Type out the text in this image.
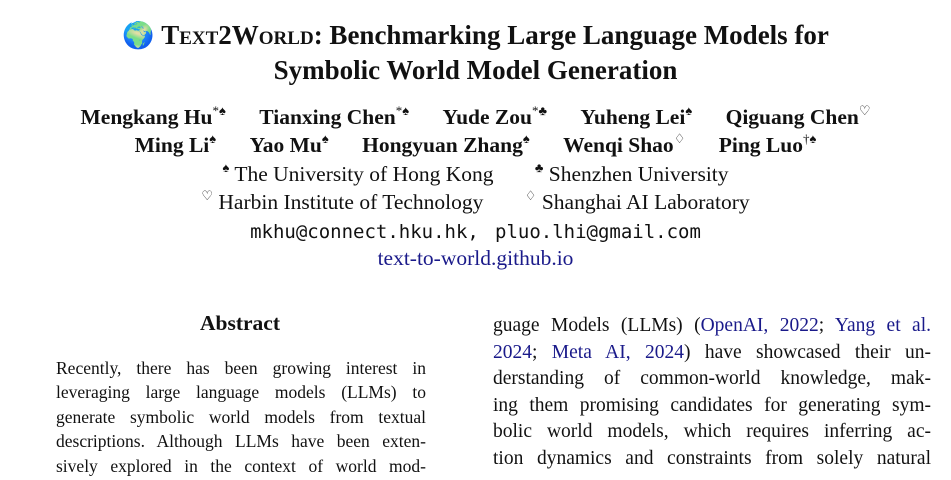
🌍 Text2World: Benchmarking Large Language Models for
Symbolic World Model Generation
Mengkang Hu*♠ Tianxing Chen*♠ Yude Zou*♣ Yuheng Lei♠ Qiguang Chen♡
Ming Li♠ Yao Mu♠ Hongyuan Zhang♠ Wenqi Shao♢ Ping Luo†♠
♠ The University of Hong Kong	♣ Shenzhen University
♡ Harbin Institute of Technology	♢ Shanghai AI Laboratory
mkhu@connect.hku.hk, pluo.lhi@gmail.com
text-to-world.github.io
Abstract
Recently, there has been growing interest in
leveraging large language models (LLMs) to
generate symbolic world models from textual
descriptions. Although LLMs have been exten-
sively explored in the context of world mod-
guage Models (LLMs) (OpenAI, 2022; Yang et al.
2024; Meta AI, 2024) have showcased their un-
derstanding of common-world knowledge, mak-
ing them promising candidates for generating sym-
bolic world models, which requires inferring ac-
tion dynamics and constraints from solely natural
